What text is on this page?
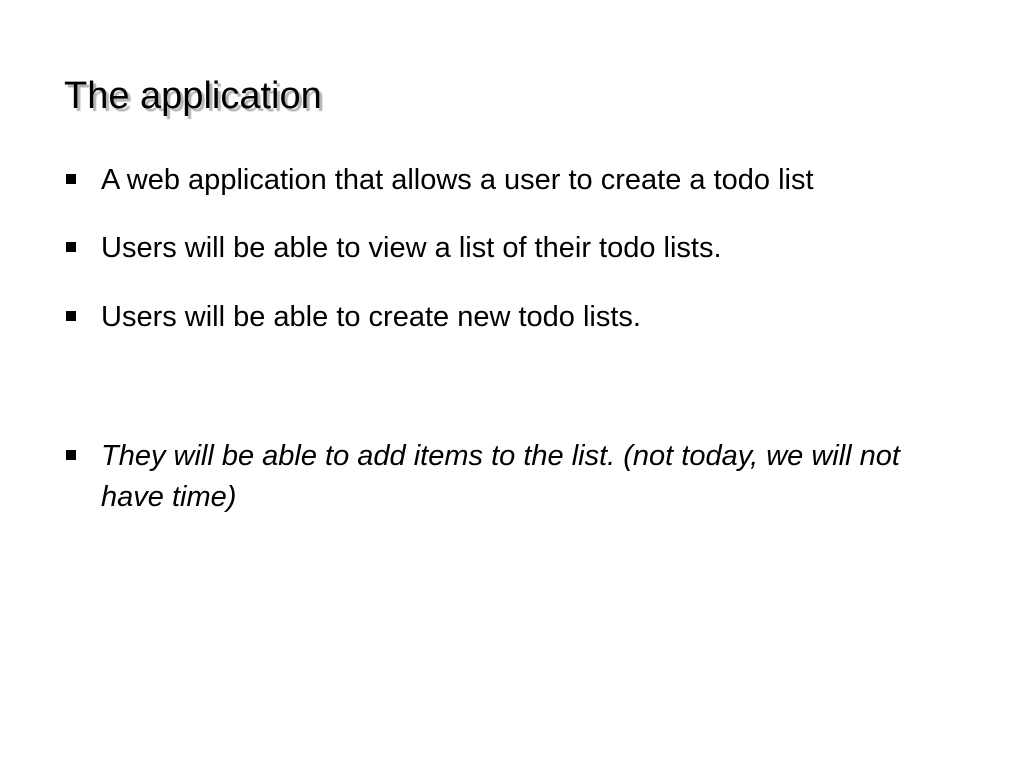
The application
A web application that allows a user to create a todo list
Users will be able to view a list of their todo lists.
Users will be able to create new todo lists.
They will be able to add items to the list. (not today, we will not have time)
